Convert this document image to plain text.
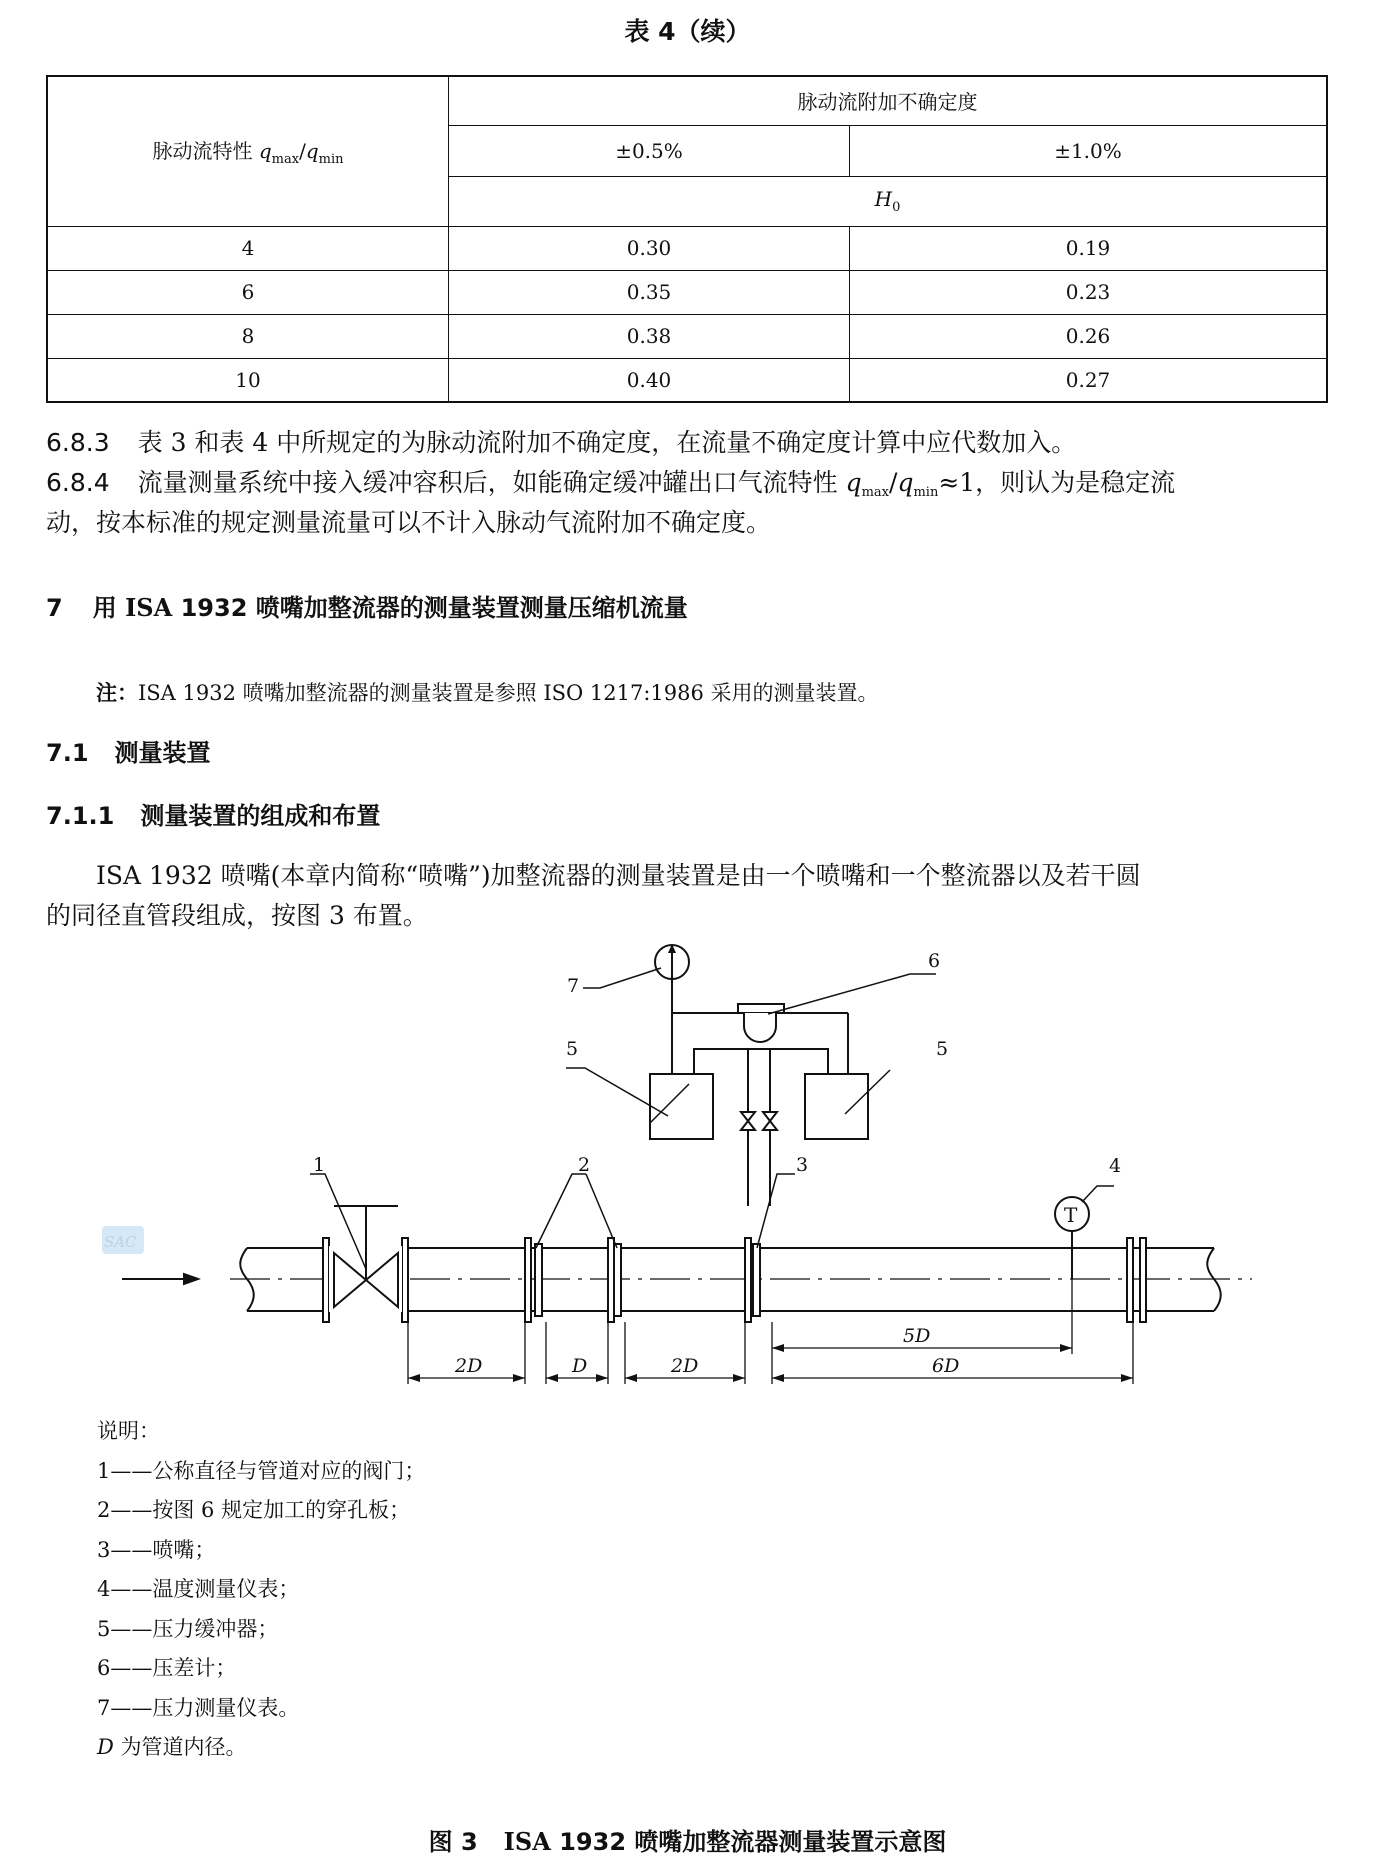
表 4（续）
脉动流特性 $q_{max}/q_{min}$	脉动流附加不确定度	
	±0.5%	±1.0%
	$H_0$
4	0.30	0.19
6	0.35	0.23
8	0.38	0.26
10	0.40	0.27
6.8.3 表 3 和表 4 中所规定的为脉动流附加不确定度，在流量不确定度计算中应代数加入。
6.8.4 流量测量系统中接入缓冲容积后，如能确定缓冲罐出口气流特性 $q_{max}/q_{min}\approx 1$，则认为是稳定流
动，按本标准的规定测量流量可以不计入脉动气流附加不确定度。
7 用 ISA 1932 喷嘴加整流器的测量装置测量压缩机流量
注：ISA 1932 喷嘴加整流器的测量装置是参照 ISO 1217:1986 采用的测量装置。
7.1 测量装置
7.1.1 测量装置的组成和布置
ISA 1932 喷嘴(本章内简称“喷嘴”)加整流器的测量装置是由一个喷嘴和一个整流器以及若干圆
的同径直管段组成，按图 3 布置。
SAC
T
1	2	3	4
5	5
6
7
2D	D	2D
5D
6D
说明：
1——公称直径与管道对应的阀门；
2——按图 6 规定加工的穿孔板；
3——喷嘴；
4——温度测量仪表；
5——压力缓冲器；
6——压差计；
7——压力测量仪表。
D 为管道内径。
图 3 ISA 1932 喷嘴加整流器测量装置示意图
